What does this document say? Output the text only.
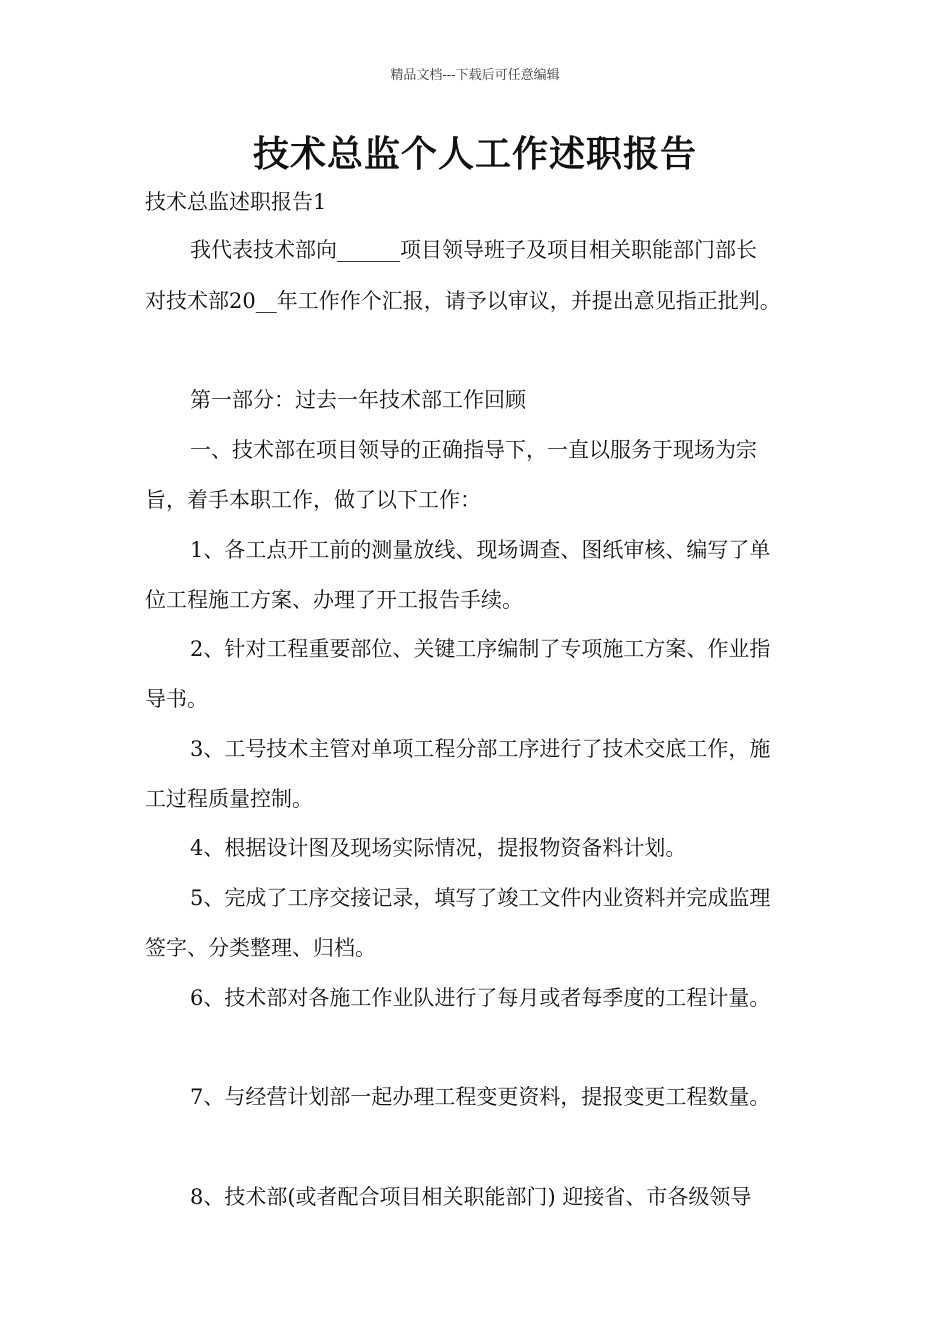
精品文档---下载后可任意编辑
技术总监个人工作述职报告
技术总监述职报告1
我代表技术部向______项目领导班子及项目相关职能部门部长
对技术部20__年工作作个汇报，请予以审议，并提出意见指正批判。
第一部分：过去一年技术部工作回顾
一、技术部在项目领导的正确指导下，一直以服务于现场为宗
旨，着手本职工作，做了以下工作：
1、各工点开工前的测量放线、现场调查、图纸审核、编写了单
位工程施工方案、办理了开工报告手续。
2、针对工程重要部位、关键工序编制了专项施工方案、作业指
导书。
3、工号技术主管对单项工程分部工序进行了技术交底工作，施
工过程质量控制。
4、根据设计图及现场实际情况，提报物资备料计划。
5、完成了工序交接记录，填写了竣工文件内业资料并完成监理
签字、分类整理、归档。
6、技术部对各施工作业队进行了每月或者每季度的工程计量。
7、与经营计划部一起办理工程变更资料，提报变更工程数量。
8、技术部(或者配合项目相关职能部门) 迎接省、市各级领导
